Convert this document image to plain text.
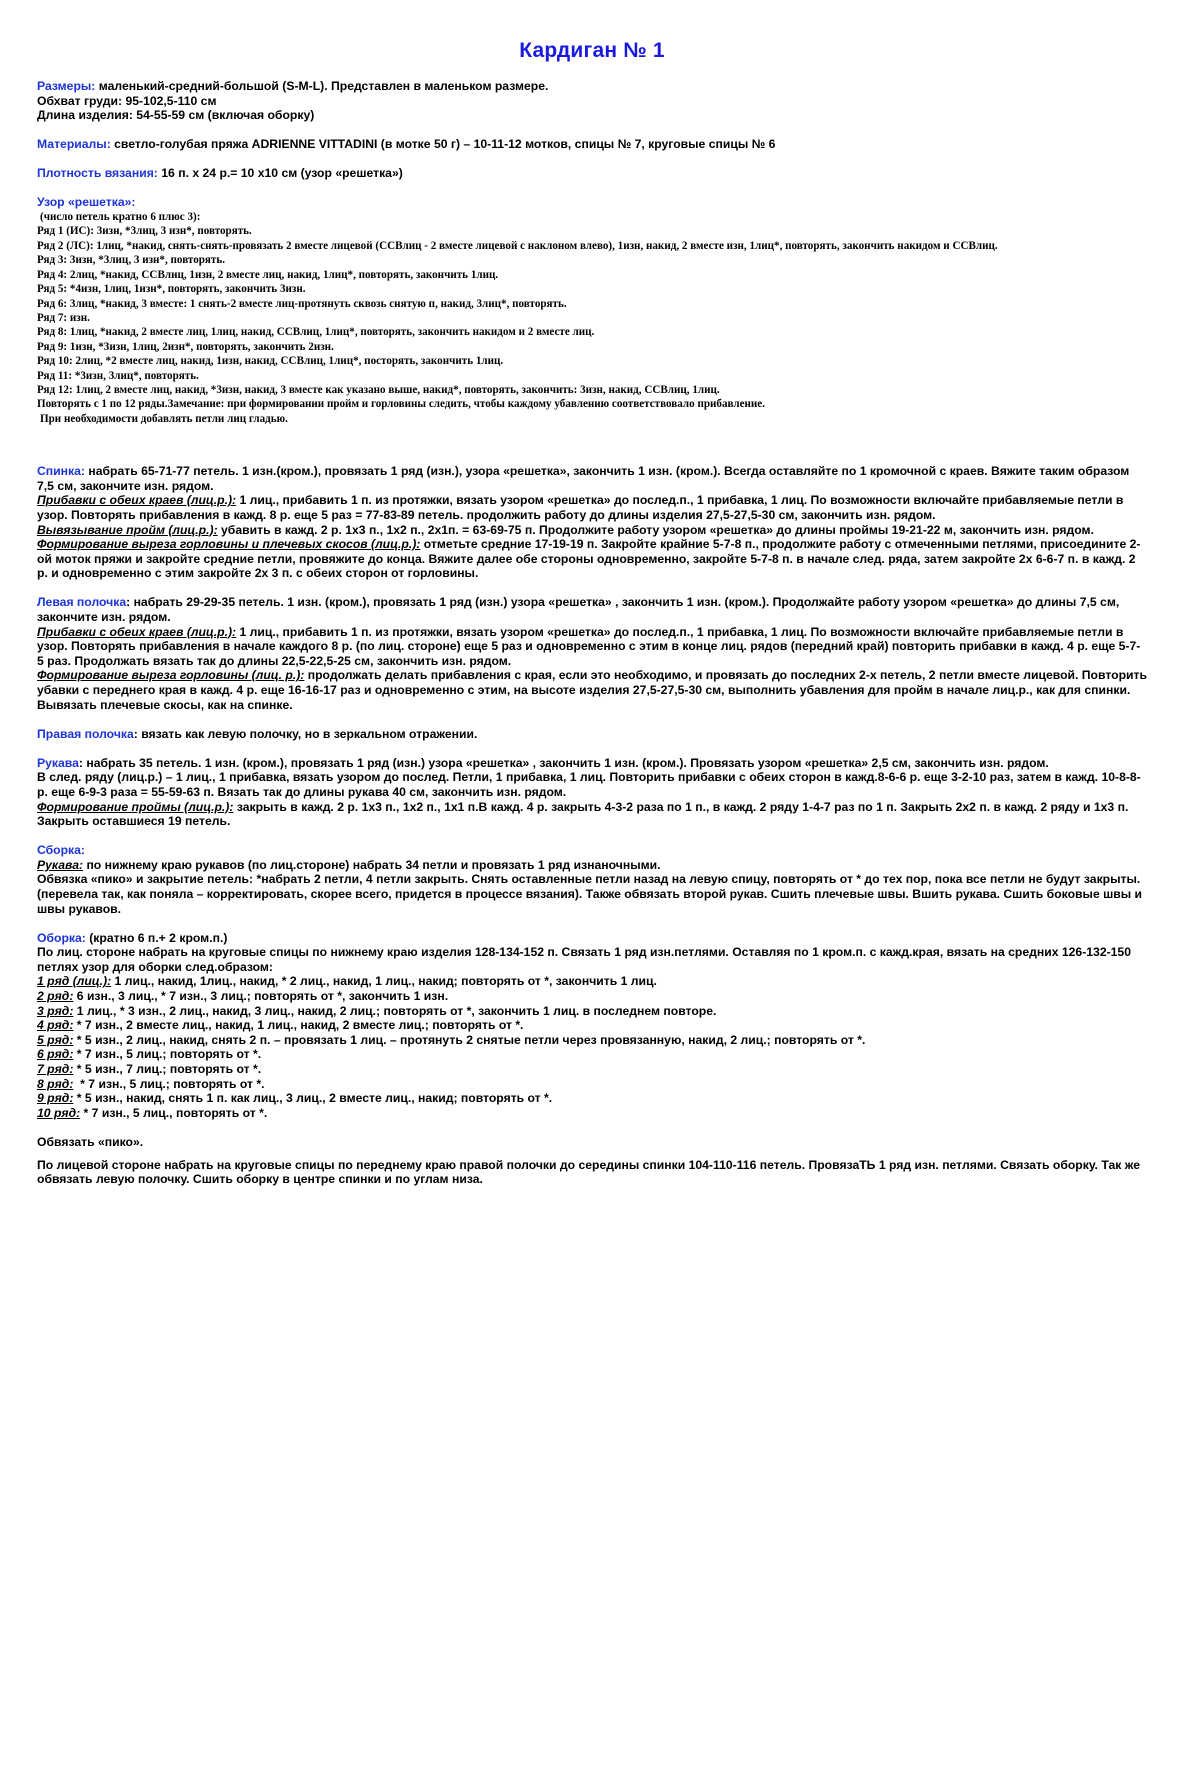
Кардиган № 1
Размеры: маленький-средний-большой (S-M-L). Представлен в маленьком размере.
Обхват груди: 95-102,5-110 см
Длина изделия: 54-55-59 см (включая оборку)
Материалы: светло-голубая пряжа ADRIENNE VITTADINI (в мотке 50 г) – 10-11-12 мотков, спицы № 7, круговые спицы № 6
Плотность вязания: 16 п. х 24 р.= 10 х10 см (узор «решетка»)
Узор «решетка»:
(число петель кратно 6 плюс 3):
Ряд 1 (ИС): 3изн, *3лиц, 3 изн*, повторять.
Ряд 2 (ЛС): 1лиц, *накид, снять-снять-провязать 2 вместе лицевой (ССВлиц - 2 вместе лицевой с наклоном влево), 1изн, накид, 2 вместе изн, 1лиц*, повторять, закончить накидом и ССВлиц.
Ряд 3: 3изн, *3лиц, 3 изн*, повторять.
Ряд 4: 2лиц, *накид, ССВлиц, 1изн, 2 вместе лиц, накид, 1лиц*, повторять, закончить 1лиц.
Ряд 5: *4изн, 1лиц, 1изн*, повторять, закончить 3изн.
Ряд 6: 3лиц, *накид, 3 вместе: 1 снять-2 вместе лиц-протянуть сквозь снятую п, накид, 3лиц*, повторять.
Ряд 7: изн.
Ряд 8: 1лиц, *накид, 2 вместе лиц, 1лиц, накид, ССВлиц, 1лиц*, повторять, закончить накидом и 2 вместе лиц.
Ряд 9: 1изн, *3изн, 1лиц, 2изн*, повторять, закончить 2изн.
Ряд 10: 2лиц, *2 вместе лиц, накид, 1изн, накид, ССВлиц, 1лиц*, посторять, закончить 1лиц.
Ряд 11: *3изн, 3лиц*, повторять.
Ряд 12: 1лиц, 2 вместе лиц, накид, *3изн, накид, 3 вместе как указано выше, накид*, повторять, закончить: 3изн, накид, ССВлиц, 1лиц.
Повторять с 1 по 12 ряды.Замечание: при формировании пройм и горловины следить, чтобы каждому убавлению соответствовало прибавление.
При необходимости добавлять петли лиц гладью.
Спинка: набрать 65-71-77 петель. 1 изн.(кром.), провязать 1 ряд (изн.), узора «решетка», закончить 1 изн. (кром.). Всегда оставляйте по 1 кромочной с краев. Вяжите таким образом 7,5 см, закончите изн. рядом.
Прибавки с обеих краев (лиц.р.): 1 лиц., прибавить 1 п. из протяжки, вязать узором «решетка» до послед.п., 1 прибавка, 1 лиц. По возможности включайте прибавляемые петли в узор. Повторять прибавления в кажд. 8 р. еще 5 раз = 77-83-89 петель. продолжить работу до длины изделия 27,5-27,5-30 см, закончить изн. рядом.
Вывязывание пройм (лиц.р.): убавить в кажд. 2 р. 1х3 п., 1х2 п., 2х1п. = 63-69-75 п. Продолжите работу узором «решетка» до длины проймы 19-21-22 м, закончить изн. рядом.
Формирование выреза горловины и плечевых скосов (лиц.р.): отметьте средние 17-19-19 п. Закройте крайние 5-7-8 п., продолжите работу с отмеченными петлями, присоедините 2-ой моток пряжи и закройте средние петли, провяжите до конца. Вяжите далее обе стороны одновременно, закройте 5-7-8 п. в начале след. ряда, затем закройте 2х 6-6-7 п. в кажд. 2 р. и одновременно с этим закройте 2х 3 п. с обеих сторон от горловины.
Левая полочка: набрать 29-29-35 петель. 1 изн. (кром.), провязать 1 ряд (изн.) узора «решетка» , закончить 1 изн. (кром.). Продолжайте работу узором «решетка» до длины 7,5 см, закончите изн. рядом.
Прибавки с обеих краев (лиц.р.): 1 лиц., прибавить 1 п. из протяжки, вязать узором «решетка» до послед.п., 1 прибавка, 1 лиц. По возможности включайте прибавляемые петли в узор. Повторять прибавления в начале каждого 8 р. (по лиц. стороне) еще 5 раз и одновременно с этим в конце лиц. рядов (передний край) повторить прибавки в кажд. 4 р. еще 5-7-5 раз. Продолжать вязать так до длины 22,5-22,5-25 см, закончить изн. рядом.
Формирование выреза горловины (лиц. р.): продолжать делать прибавления с края, если это необходимо, и провязать до последних 2-х петель, 2 петли вместе лицевой. Повторить убавки с переднего края в кажд. 4 р. еще 16-16-17 раз и одновременно с этим, на высоте изделия 27,5-27,5-30 см, выполнить убавления для пройм в начале лиц.р., как для спинки. Вывязать плечевые скосы, как на спинке.
Правая полочка: вязать как левую полочку, но в зеркальном отражении.
Рукава: набрать 35 петель. 1 изн. (кром.), провязать 1 ряд (изн.) узора «решетка» , закончить 1 изн. (кром.). Провязать узором «решетка» 2,5 см, закончить изн. рядом.
В след. ряду (лиц.р.) – 1 лиц., 1 прибавка, вязать узором до послед. Петли, 1 прибавка, 1 лиц. Повторить прибавки с обеих сторон в кажд.8-6-6 р. еще 3-2-10 раз, затем в кажд. 10-8-8- р. еще 6-9-3 раза = 55-59-63 п. Вязать так до длины рукава 40 см, закончить изн. рядом.
Формирование проймы (лиц.р.): закрыть в кажд. 2 р. 1х3 п., 1х2 п., 1х1 п.В кажд. 4 р. закрыть 4-3-2 раза по 1 п., в кажд. 2 ряду 1-4-7 раз по 1 п. Закрыть 2х2 п. в кажд. 2 ряду и 1х3 п. Закрыть оставшиеся 19 петель.
Сборка:
Рукава: по нижнему краю рукавов (по лиц.стороне) набрать 34 петли и провязать 1 ряд изнаночными.
Обвязка «пико» и закрытие петель: *набрать 2 петли, 4 петли закрыть. Снять оставленные петли назад на левую спицу, повторять от * до тех пор, пока все петли не будут закрыты. (перевела так, как поняла – корректировать, скорее всего, придется в процессе вязания). Также обвязать второй рукав. Сшить плечевые швы. Вшить рукава. Сшить боковые швы и швы рукавов.
Оборка: (кратно 6 п.+ 2 кром.п.)
По лиц. стороне набрать на круговые спицы по нижнему краю изделия 128-134-152 п. Связать 1 ряд изн.петлями. Оставляя по 1 кром.п. с кажд.края, вязать на средних 126-132-150 петлях узор для оборки след.образом:
1 ряд (лиц.): 1 лиц., накид, 1лиц., накид, * 2 лиц., накид, 1 лиц., накид; повторять от *, закончить 1 лиц.
2 ряд: 6 изн., 3 лиц., * 7 изн., 3 лиц.; повторять от *, закончить 1 изн.
3 ряд: 1 лиц., * 3 изн., 2 лиц., накид, 3 лиц., накид, 2 лиц.; повторять от *, закончить 1 лиц. в последнем повторе.
4 ряд: * 7 изн., 2 вместе лиц., накид, 1 лиц., накид, 2 вместе лиц.; повторять от *.
5 ряд: * 5 изн., 2 лиц., накид, снять 2 п. – провязать 1 лиц. – протянуть 2 снятые петли через провязанную, накид, 2 лиц.; повторять от *.
6 ряд: * 7 изн., 5 лиц.; повторять от *.
7 ряд: * 5 изн., 7 лиц.; повторять от *.
8 ряд:  * 7 изн., 5 лиц.; повторять от *.
9 ряд: * 5 изн., накид, снять 1 п. как лиц., 3 лиц., 2 вместе лиц., накид; повторять от *.
10 ряд: * 7 изн., 5 лиц., повторять от *.
Обвязать «пико».
По лицевой стороне набрать на круговые спицы по переднему краю правой полочки до середины спинки 104-110-116 петель. ПровязаТЬ 1 ряд изн. петлями. Связать оборку. Так же обвязать левую полочку. Сшить оборку в центре спинки и по углам низа.
